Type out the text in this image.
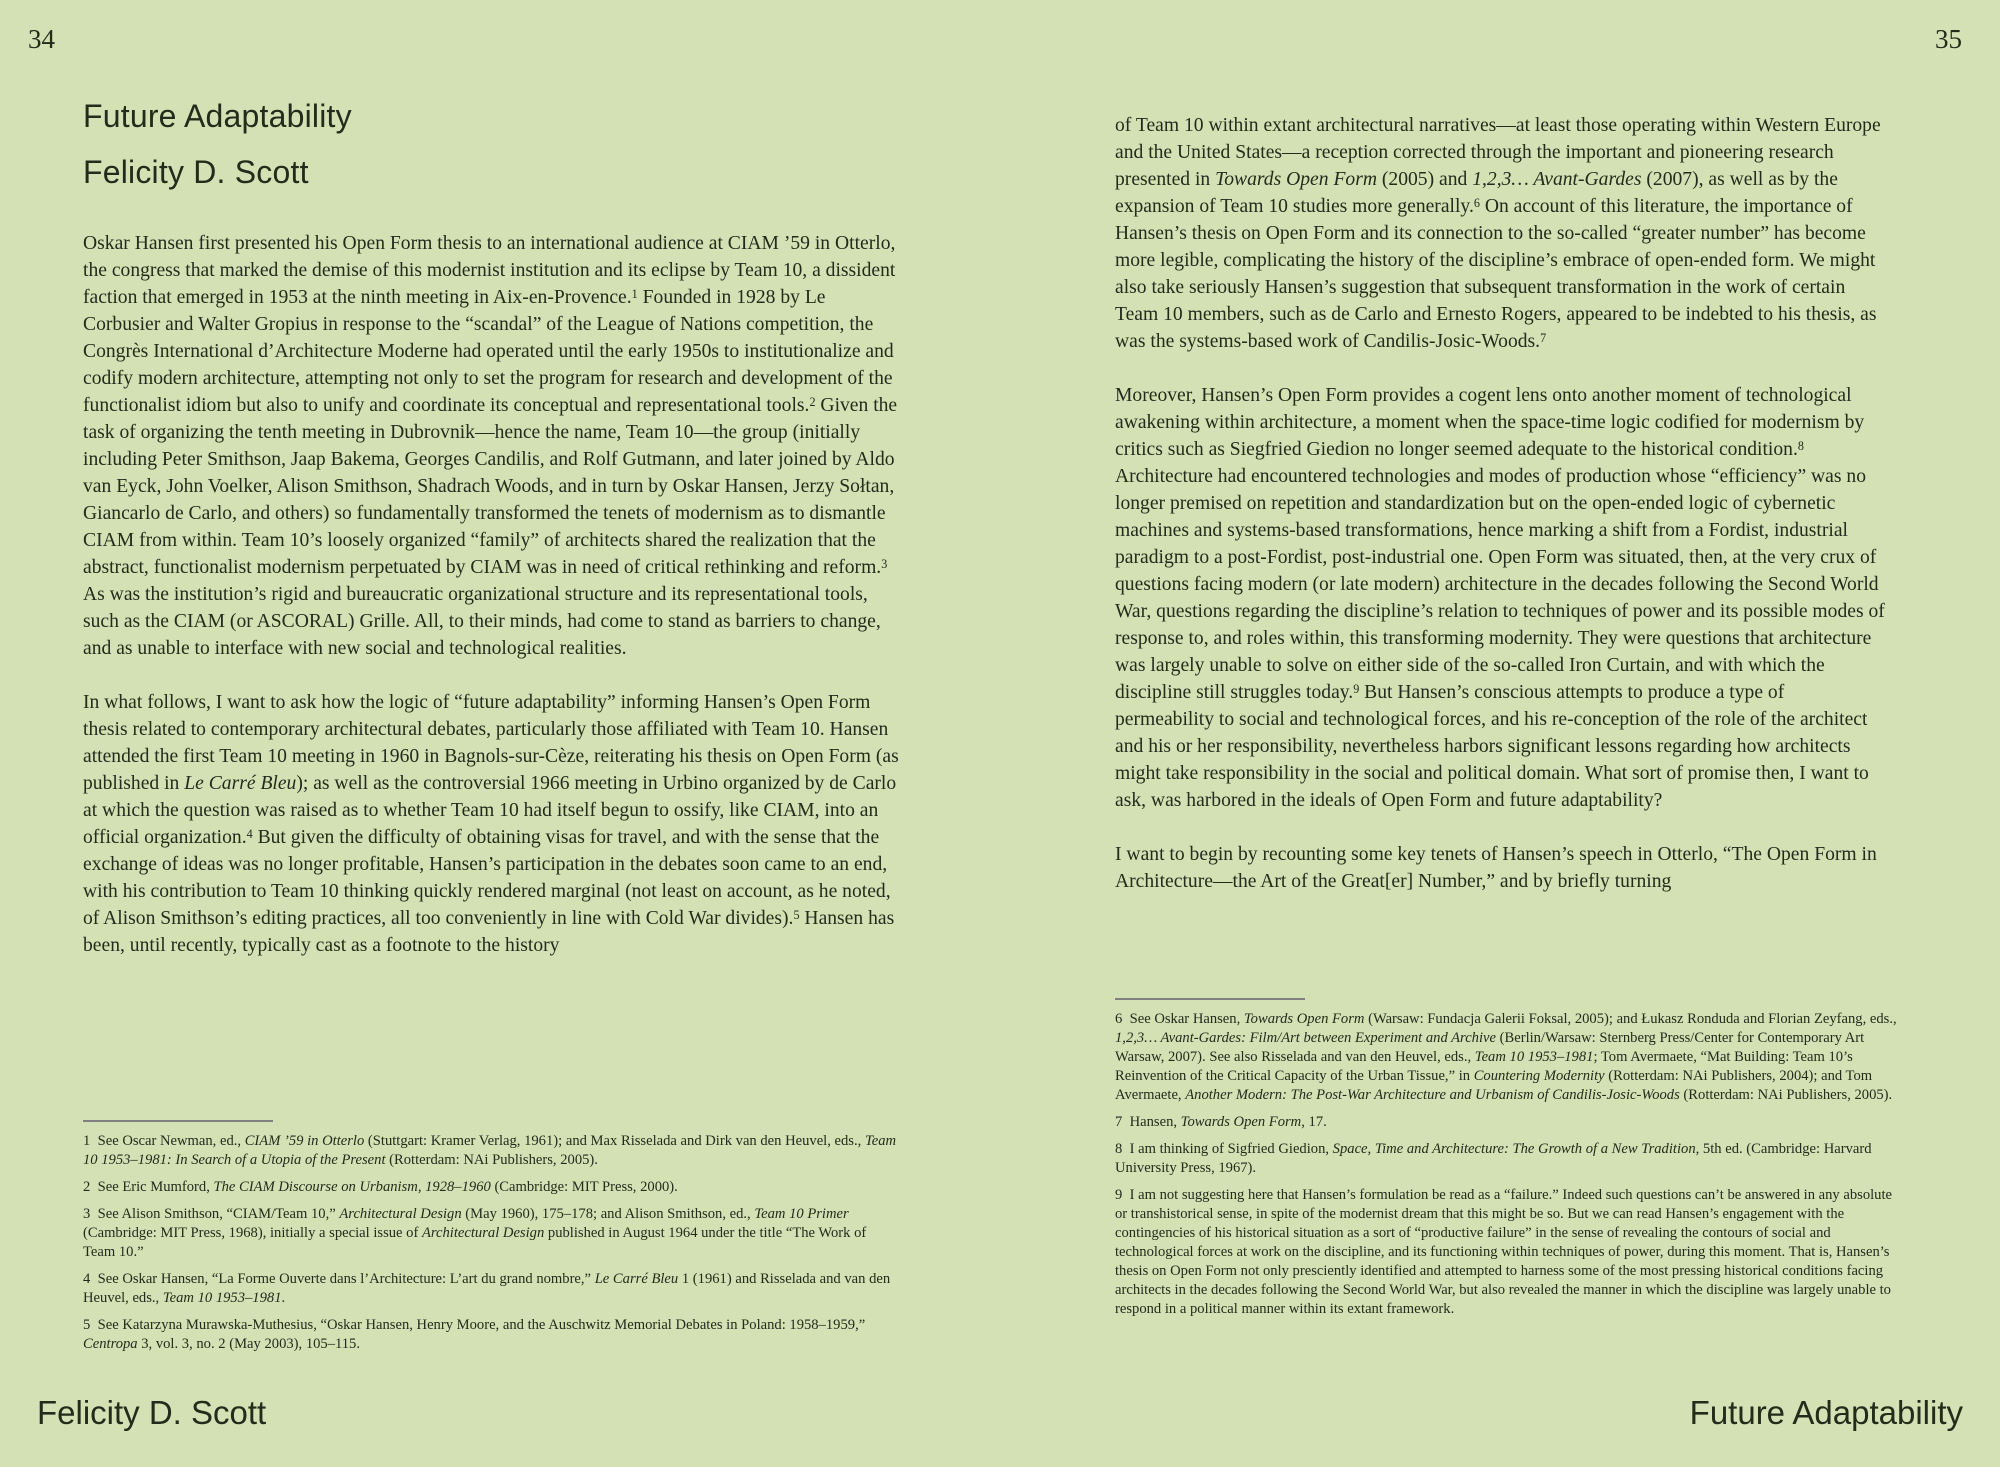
34	35
Future Adaptability
Felicity D. Scott

Oskar Hansen first presented his Open Form thesis to an international audience at CIAM ’59 in Otterlo, the congress that marked the demise of this modernist institution and its eclipse by Team 10, a dissident faction that emerged in 1953 at the ninth meeting in Aix-en-Provence.$^1$ Founded in 1928 by Le Corbusier and Walter Gropius in response to the “scandal” of the League of Nations competition, the Congrès International d’Architecture Moderne had operated until the early 1950s to institutionalize and codify modern architecture, attempting not only to set the program for research and development of the functionalist idiom but also to unify and coordinate its conceptual and representational tools.$^2$ Given the task of organizing the tenth meeting in Dubrovnik—hence the name, Team 10—the group (initially including Peter Smithson, Jaap Bakema, Georges Candilis, and Rolf Gutmann, and later joined by Aldo van Eyck, John Voelker, Alison Smithson, Shadrach Woods, and in turn by Oskar Hansen, Jerzy Sołtan, Giancarlo de Carlo, and others) so fundamentally transformed the tenets of modernism as to dismantle CIAM from within. Team 10’s loosely organized “family” of architects shared the realization that the abstract, functionalist modernism perpetuated by CIAM was in need of critical rethinking and reform.$^3$ As was the institution’s rigid and bureaucratic organizational structure and its representational tools, such as the CIAM (or ASCORAL) Grille. All, to their minds, had come to stand as barriers to change, and as unable to interface with new social and technological realities.

In what follows, I want to ask how the logic of “future adaptability” informing Hansen’s Open Form thesis related to contemporary architectural debates, particularly those affiliated with Team 10. Hansen attended the first Team 10 meeting in 1960 in Bagnols-sur-Cèze, reiterating his thesis on Open Form (as published in Le Carré Bleu); as well as the controversial 1966 meeting in Urbino organized by de Carlo at which the question was raised as to whether Team 10 had itself begun to ossify, like CIAM, into an official organization.$^4$ But given the difficulty of obtaining visas for travel, and with the sense that the exchange of ideas was no longer profitable, Hansen’s participation in the debates soon came to an end, with his contribution to Team 10 thinking quickly rendered marginal (not least on account, as he noted, of Alison Smithson’s editing practices, all too conveniently in line with Cold War divides).$^5$ Hansen has been, until recently, typically cast as a footnote to the history

1  See Oscar Newman, ed., CIAM ’59 in Otterlo (Stuttgart: Kramer Verlag, 1961); and Max Risselada and Dirk van den Heuvel, eds., Team 10 1953–1981: In Search of a Utopia of the Present (Rotterdam: NAi Publishers, 2005).

2  See Eric Mumford, The CIAM Discourse on Urbanism, 1928–1960 (Cambridge: MIT Press, 2000).

3  See Alison Smithson, “CIAM/Team 10,” Architectural Design (May 1960), 175–178; and Alison Smithson, ed., Team 10 Primer (Cambridge: MIT Press, 1968), initially a special issue of Architectural Design published in August 1964 under the title “The Work of Team 10.”

4  See Oskar Hansen, “La Forme Ouverte dans l’Architecture: L’art du grand nombre,” Le Carré Bleu 1 (1961) and Risselada and van den Heuvel, eds., Team 10 1953–1981.

5  See Katarzyna Murawska-Muthesius, “Oskar Hansen, Henry Moore, and the Auschwitz Memorial Debates in Poland: 1958–1959,” Centropa 3, vol. 3, no. 2 (May 2003), 105–115.

of Team 10 within extant architectural narratives—at least those operating within Western Europe and the United States—a reception corrected through the important and pioneering research presented in Towards Open Form (2005) and 1,2,3… Avant-Gardes (2007), as well as by the expansion of Team 10 studies more generally.$^6$ On account of this literature, the importance of Hansen’s thesis on Open Form and its connection to the so-called “greater number” has become more legible, complicating the history of the discipline’s embrace of open-ended form. We might also take seriously Hansen’s suggestion that subsequent transformation in the work of certain Team 10 members, such as de Carlo and Ernesto Rogers, appeared to be indebted to his thesis, as was the systems-based work of Candilis-Josic-Woods.$^7$

Moreover, Hansen’s Open Form provides a cogent lens onto another moment of technological awakening within architecture, a moment when the space-time logic codified for modernism by critics such as Siegfried Giedion no longer seemed adequate to the historical condition.$^8$ Architecture had encountered technologies and modes of production whose “efficiency” was no longer premised on repetition and standardization but on the open-ended logic of cybernetic machines and systems-based transformations, hence marking a shift from a Fordist, industrial paradigm to a post-Fordist, post-industrial one. Open Form was situated, then, at the very crux of questions facing modern (or late modern) architecture in the decades following the Second World War, questions regarding the discipline’s relation to techniques of power and its possible modes of response to, and roles within, this transforming modernity. They were questions that architecture was largely unable to solve on either side of the so-called Iron Curtain, and with which the discipline still struggles today.$^9$ But Hansen’s conscious attempts to produce a type of permeability to social and technological forces, and his re-conception of the role of the architect and his or her responsibility, nevertheless harbors significant lessons regarding how architects might take responsibility in the social and political domain. What sort of promise then, I want to ask, was harbored in the ideals of Open Form and future adaptability?

I want to begin by recounting some key tenets of Hansen’s speech in Otterlo, “The Open Form in Architecture—the Art of the Great[er] Number,” and by briefly turning

6  See Oskar Hansen, Towards Open Form (Warsaw: Fundacja Galerii Foksal, 2005); and Łukasz Ronduda and Florian Zeyfang, eds., 1,2,3… Avant-Gardes: Film/Art between Experiment and Archive (Berlin/Warsaw: Sternberg Press/Center for Contemporary Art Warsaw, 2007). See also Risselada and van den Heuvel, eds., Team 10 1953–1981; Tom Avermaete, “Mat Building: Team 10’s Reinvention of the Critical Capacity of the Urban Tissue,” in Countering Modernity (Rotterdam: NAi Publishers, 2004); and Tom Avermaete, Another Modern: The Post-War Architecture and Urbanism of Candilis-Josic-Woods (Rotterdam: NAi Publishers, 2005).

7  Hansen, Towards Open Form, 17.

8  I am thinking of Sigfried Giedion, Space, Time and Architecture: The Growth of a New Tradition, 5th ed. (Cambridge: Harvard University Press, 1967).

9  I am not suggesting here that Hansen’s formulation be read as a “failure.” Indeed such questions can’t be answered in any absolute or transhistorical sense, in spite of the modernist dream that this might be so. But we can read Hansen’s engagement with the contingencies of his historical situation as a sort of “productive failure” in the sense of revealing the contours of social and technological forces at work on the discipline, and its functioning within techniques of power, during this moment. That is, Hansen’s thesis on Open Form not only presciently identified and attempted to harness some of the most pressing historical conditions facing architects in the decades following the Second World War, but also revealed the manner in which the discipline was largely unable to respond in a political manner within its extant framework.

Felicity D. Scott	Future Adaptability
